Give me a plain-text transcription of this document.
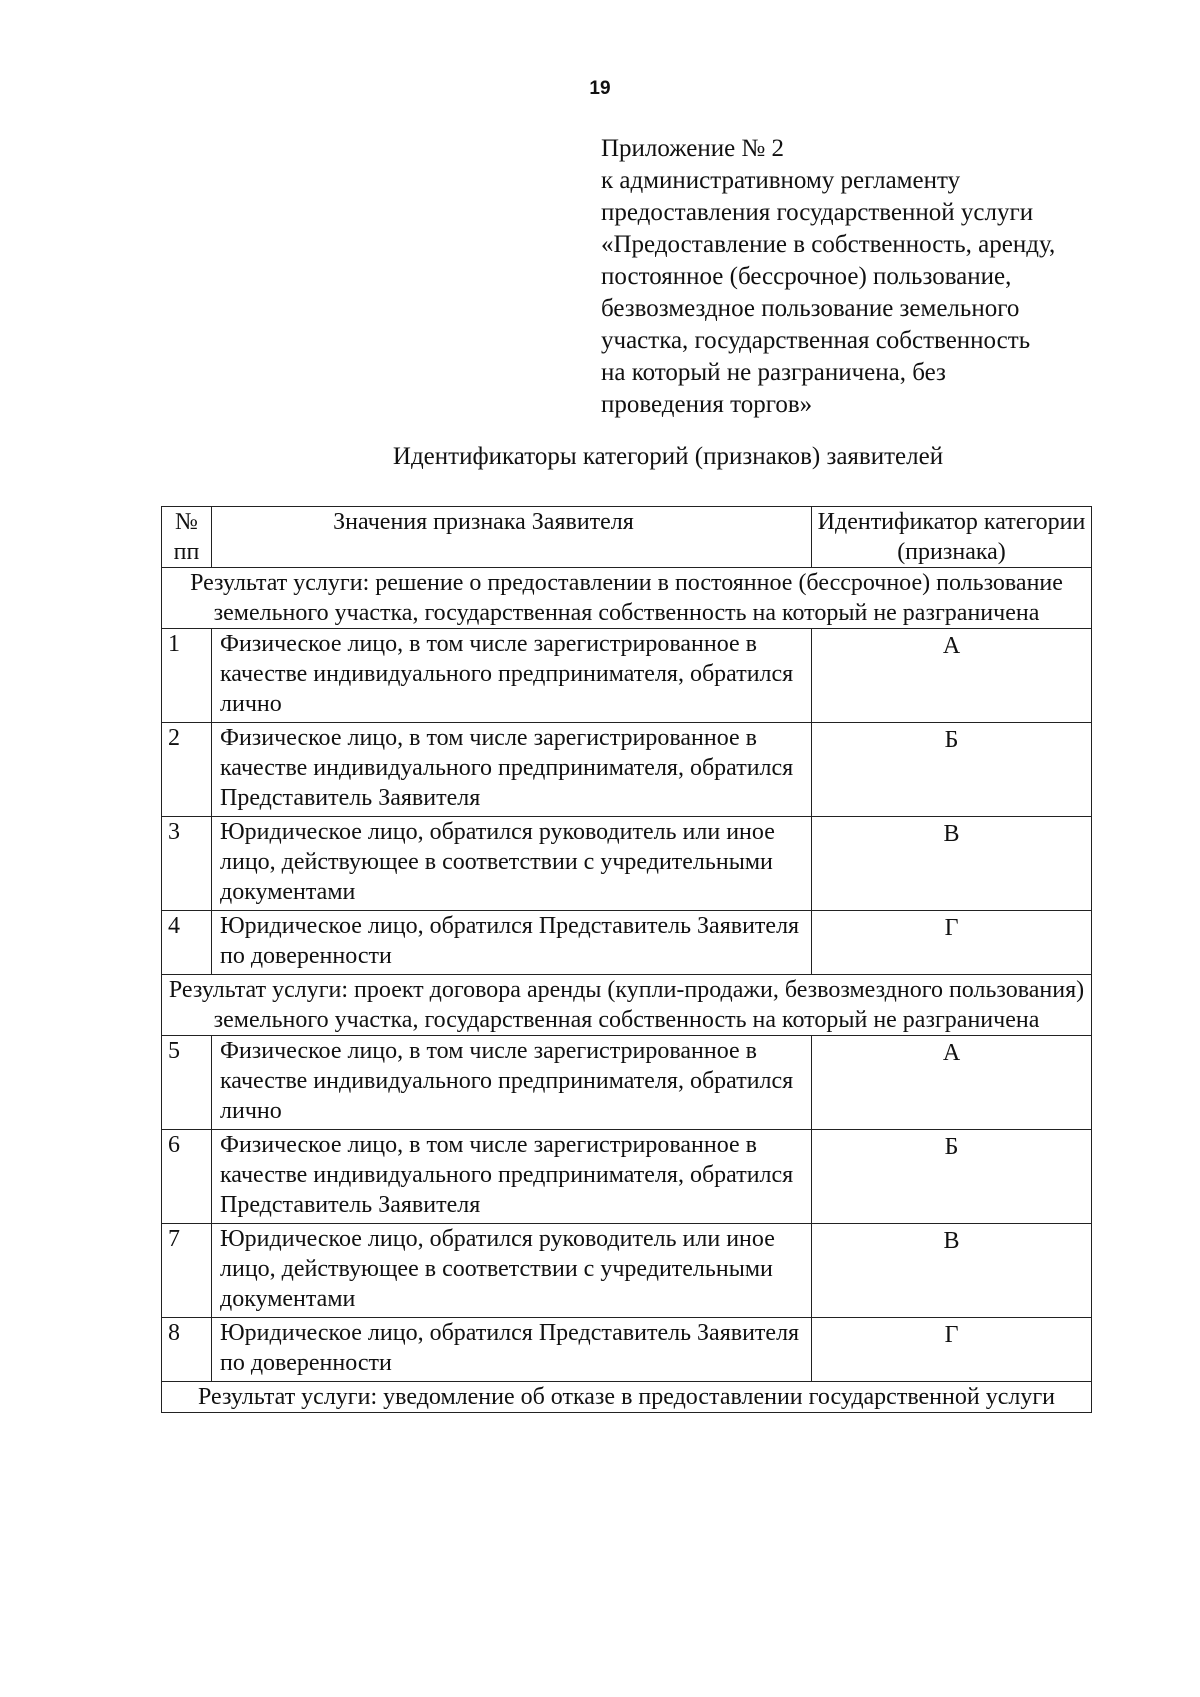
19
Приложение № 2
к административному регламенту
предоставления государственной услуги
«Предоставление в собственность, аренду,
постоянное (бессрочное) пользование,
безвозмездное пользование земельного
участка, государственная собственность
на который не разграничена, без
проведения торгов»
Идентификаторы категорий (признаков) заявителей
№ пп	Значения признака Заявителя	Идентификатор категории (признака)
Результат услуги: решение о предоставлении в постоянное (бессрочное) пользование земельного участка, государственная собственность на который не разграничена		
1	Физическое лицо, в том числе зарегистрированное в качестве индивидуального предпринимателя, обратился лично	А
2	Физическое лицо, в том числе зарегистрированное в качестве индивидуального предпринимателя, обратился Представитель Заявителя	Б
3	Юридическое лицо, обратился руководитель или иное лицо, действующее в соответствии с учредительными документами	В
4	Юридическое лицо, обратился Представитель Заявителя по доверенности	Г
Результат услуги: проект договора аренды (купли-продажи, безвозмездного пользования) земельного участка, государственная собственность на который не разграничена		
5	Физическое лицо, в том числе зарегистрированное в качестве индивидуального предпринимателя, обратился лично	А
6	Физическое лицо, в том числе зарегистрированное в качестве индивидуального предпринимателя, обратился Представитель Заявителя	Б
7	Юридическое лицо, обратился руководитель или иное лицо, действующее в соответствии с учредительными документами	В
8	Юридическое лицо, обратился Представитель Заявителя по доверенности	Г
Результат услуги: уведомление об отказе в предоставлении государственной услуги		
